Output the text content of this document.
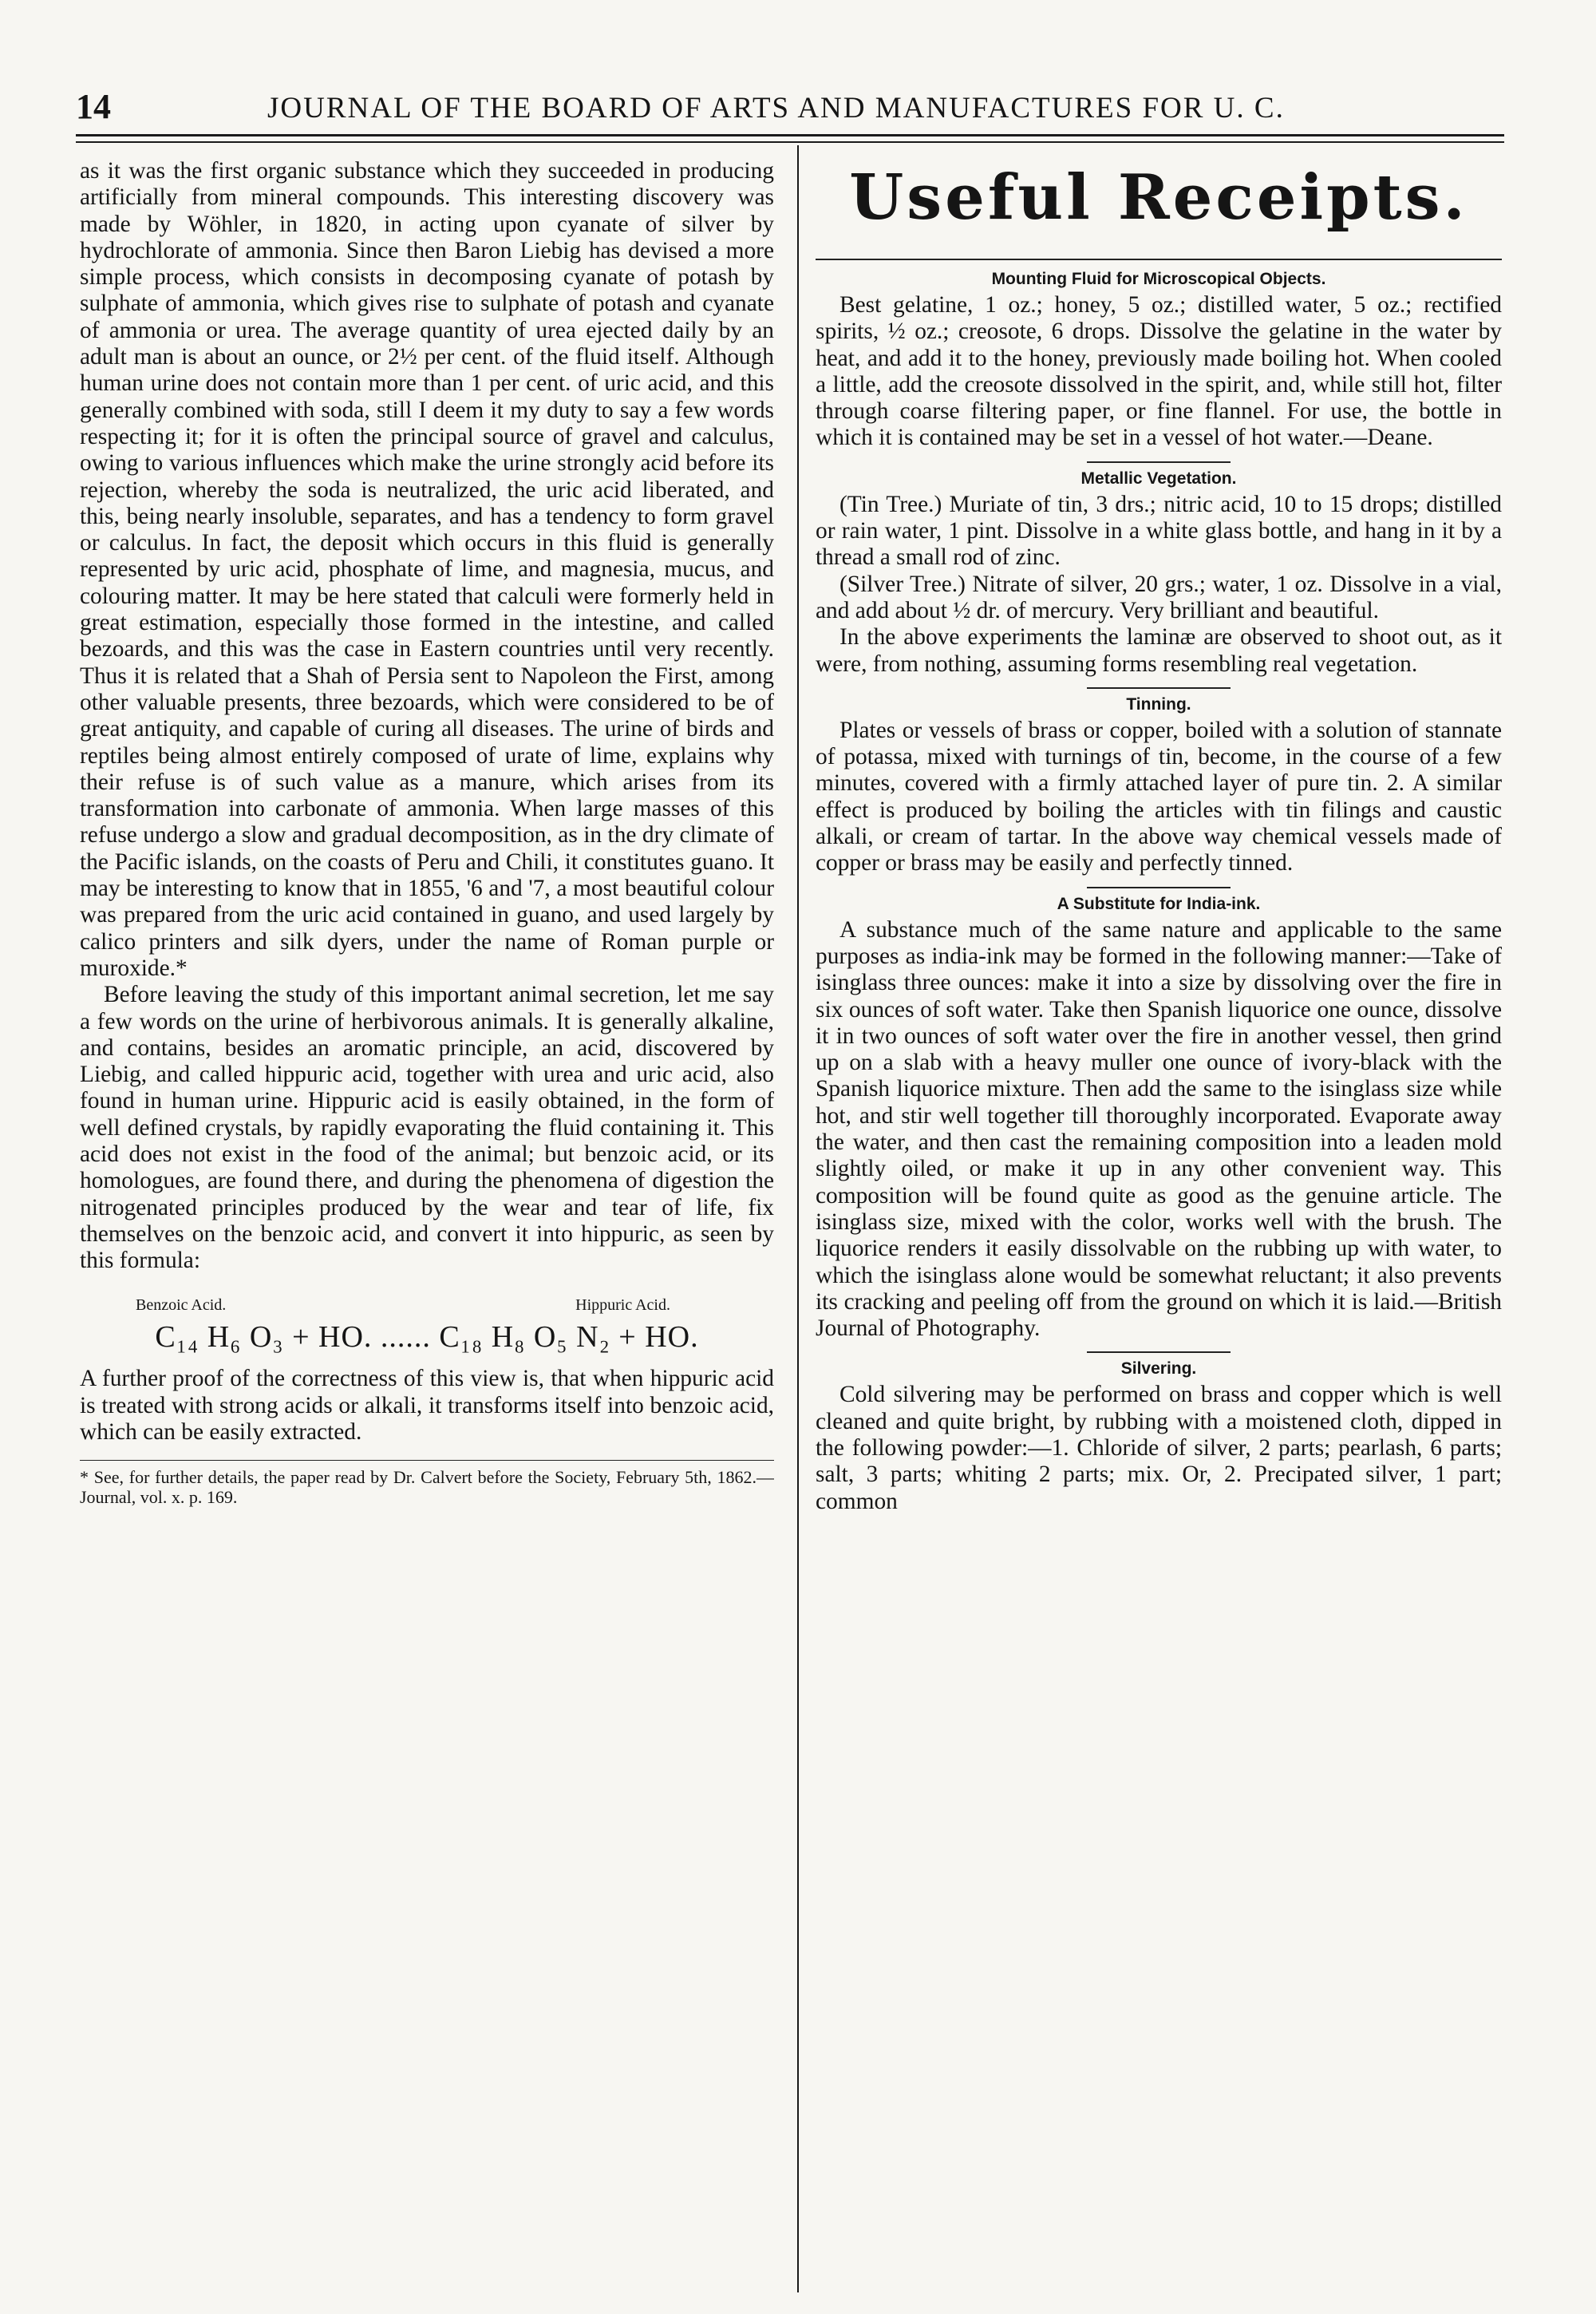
14	JOURNAL OF THE BOARD OF ARTS AND MANUFACTURES FOR U. C.

as it was the first organic substance which they succeeded in producing artificially from mineral compounds. This interesting discovery was made by Wöhler, in 1820, in acting upon cyanate of silver by hydrochlorate of ammonia. Since then Baron Liebig has devised a more simple process, which consists in decomposing cyanate of potash by sulphate of ammonia, which gives rise to sulphate of potash and cyanate of ammonia or urea. The average quantity of urea ejected daily by an adult man is about an ounce, or 2½ per cent. of the fluid itself. Although human urine does not contain more than 1 per cent. of uric acid, and this generally combined with soda, still I deem it my duty to say a few words respecting it; for it is often the principal source of gravel and calculus, owing to various influences which make the urine strongly acid before its rejection, whereby the soda is neutralized, the uric acid liberated, and this, being nearly insoluble, separates, and has a tendency to form gravel or calculus. In fact, the deposit which occurs in this fluid is generally represented by uric acid, phosphate of lime, and magnesia, mucus, and colouring matter. It may be here stated that calculi were formerly held in great estimation, especially those formed in the intestine, and called bezoards, and this was the case in Eastern countries until very recently. Thus it is related that a Shah of Persia sent to Napoleon the First, among other valuable presents, three bezoards, which were considered to be of great antiquity, and capable of curing all diseases. The urine of birds and reptiles being almost entirely composed of urate of lime, explains why their refuse is of such value as a manure, which arises from its transformation into carbonate of ammonia. When large masses of this refuse undergo a slow and gradual decomposition, as in the dry climate of the Pacific islands, on the coasts of Peru and Chili, it constitutes guano. It may be interesting to know that in 1855, '6 and '7, a most beautiful colour was prepared from the uric acid contained in guano, and used largely by calico printers and silk dyers, under the name of Roman purple or muroxide.*

Before leaving the study of this important animal secretion, let me say a few words on the urine of herbivorous animals. It is generally alkaline, and contains, besides an aromatic principle, an acid, discovered by Liebig, and called hippuric acid, together with urea and uric acid, also found in human urine. Hippuric acid is easily obtained, in the form of well defined crystals, by rapidly evaporating the fluid containing it. This acid does not exist in the food of the animal; but benzoic acid, or its homologues, are found there, and during the phenomena of digestion the nitrogenated principles produced by the wear and tear of life, fix themselves on the benzoic acid, and convert it into hippuric, as seen by this formula:

Benzoic Acid.	Hippuric Acid.
C₁₄ H₆ O₃ + HO. ...... C₁₈ H₈ O₅ N₂ + HO.

A further proof of the correctness of this view is, that when hippuric acid is treated with strong acids or alkali, it transforms itself into benzoic acid, which can be easily extracted.

* See, for further details, the paper read by Dr. Calvert before the Society, February 5th, 1862.—Journal, vol. x. p. 169.
Useful Receipts.
Mounting Fluid for Microscopical Objects.

Best gelatine, 1 oz.; honey, 5 oz.; distilled water, 5 oz.; rectified spirits, ½ oz.; creosote, 6 drops. Dissolve the gelatine in the water by heat, and add it to the honey, previously made boiling hot. When cooled a little, add the creosote dissolved in the spirit, and, while still hot, filter through coarse filtering paper, or fine flannel. For use, the bottle in which it is contained may be set in a vessel of hot water.—Deane.

Metallic Vegetation.

(Tin Tree.) Muriate of tin, 3 drs.; nitric acid, 10 to 15 drops; distilled or rain water, 1 pint. Dissolve in a white glass bottle, and hang in it by a thread a small rod of zinc.

(Silver Tree.) Nitrate of silver, 20 grs.; water, 1 oz. Dissolve in a vial, and add about ½ dr. of mercury. Very brilliant and beautiful.

In the above experiments the laminæ are observed to shoot out, as it were, from nothing, assuming forms resembling real vegetation.

Tinning.

Plates or vessels of brass or copper, boiled with a solution of stannate of potassa, mixed with turnings of tin, become, in the course of a few minutes, covered with a firmly attached layer of pure tin. 2. A similar effect is produced by boiling the articles with tin filings and caustic alkali, or cream of tartar. In the above way chemical vessels made of copper or brass may be easily and perfectly tinned.

A Substitute for India-ink.

A substance much of the same nature and applicable to the same purposes as india-ink may be formed in the following manner:—Take of isinglass three ounces: make it into a size by dissolving over the fire in six ounces of soft water. Take then Spanish liquorice one ounce, dissolve it in two ounces of soft water over the fire in another vessel, then grind up on a slab with a heavy muller one ounce of ivory-black with the Spanish liquorice mixture. Then add the same to the isinglass size while hot, and stir well together till thoroughly incorporated. Evaporate away the water, and then cast the remaining composition into a leaden mold slightly oiled, or make it up in any other convenient way. This composition will be found quite as good as the genuine article. The isinglass size, mixed with the color, works well with the brush. The liquorice renders it easily dissolvable on the rubbing up with water, to which the isinglass alone would be somewhat reluctant; it also prevents its cracking and peeling off from the ground on which it is laid.—British Journal of Photography.

Silvering.

Cold silvering may be performed on brass and copper which is well cleaned and quite bright, by rubbing with a moistened cloth, dipped in the following powder:—1. Chloride of silver, 2 parts; pearlash, 6 parts; salt, 3 parts; whiting 2 parts; mix. Or, 2. Precipated silver, 1 part; common
